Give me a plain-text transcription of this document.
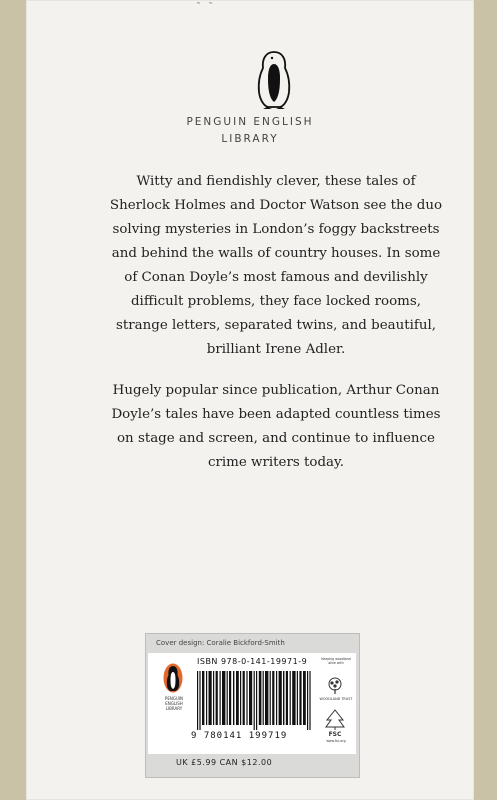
˜ ˜
PENGUIN ENGLISH
LIBRARY

Witty and fiendishly clever, these tales of Sherlock Holmes and Doctor Watson see the duo solving mysteries in London’s foggy backstreets and behind the walls of country houses. In some of Conan Doyle’s most famous and devilishly difficult problems, they face locked rooms, strange letters, separated twins, and beautiful, brilliant Irene Adler.

Hugely popular since publication, Arthur Conan Doyle’s tales have been adapted countless times on stage and screen, and continue to influence crime writers today.

Cover design: Coralie Bickford-Smith
PENGUIN
ENGLISH
LIBRARY
ISBN 978-0-141-19971-9
9 780141 199719
Keeping woodland alive with
WOODLAND TRUST
FSC
www.fsc.org
UK £5.99 CAN $12.00
